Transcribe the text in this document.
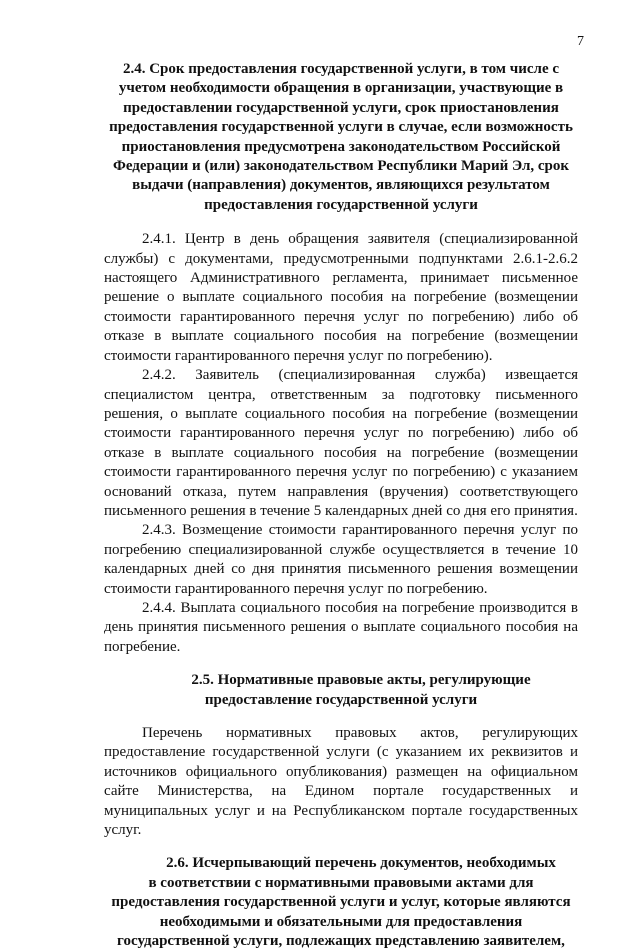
7
2.4. Срок предоставления государственной услуги, в том числе с
учетом необходимости обращения в организации, участвующие в
предоставлении государственной услуги, срок приостановления
предоставления государственной услуги в случае, если возможность
приостановления предусмотрена законодательством Российской
Федерации и (или) законодательством Республики Марий Эл, срок
выдачи (направления) документов, являющихся результатом
предоставления государственной услуги

2.4.1. Центр в день обращения заявителя (специализированной службы) с документами, предусмотренными подпунктами 2.6.1-2.6.2 настоящего Административного регламента, принимает письменное решение о выплате социального пособия на погребение (возмещении стоимости гарантированного перечня услуг по погребению) либо об отказе в выплате социального пособия на погребение (возмещении стоимости гарантированного перечня услуг по погребению).

2.4.2. Заявитель (специализированная служба) извещается специалистом центра, ответственным за подготовку письменного решения, о выплате социального пособия на погребение (возмещении стоимости гарантированного перечня услуг по погребению) либо об отказе в выплате социального пособия на погребение (возмещении стоимости гарантированного перечня услуг по погребению) с указанием оснований отказа, путем направления (вручения) соответствующего письменного решения в течение 5 календарных дней со дня его принятия.

2.4.3. Возмещение стоимости гарантированного перечня услуг по погребению специализированной службе осуществляется в течение 10 календарных дней со дня принятия письменного решения возмещении стоимости гарантированного перечня услуг по погребению.

2.4.4. Выплата социального пособия на погребение производится в день принятия письменного решения о выплате социального пособия на погребение.

2.5. Нормативные правовые акты, регулирующие
предоставление государственной услуги

Перечень нормативных правовых актов, регулирующих предоставление государственной услуги (с указанием их реквизитов и источников официального опубликования) размещен на официальном сайте Министерства, на Едином портале государственных и муниципальных услуг и на Республиканском портале государственных услуг.

2.6. Исчерпывающий перечень документов, необходимых
в соответствии с нормативными правовыми актами для
предоставления государственной услуги и услуг, которые являются
необходимыми и обязательными для предоставления
государственной услуги, подлежащих представлению заявителем,
